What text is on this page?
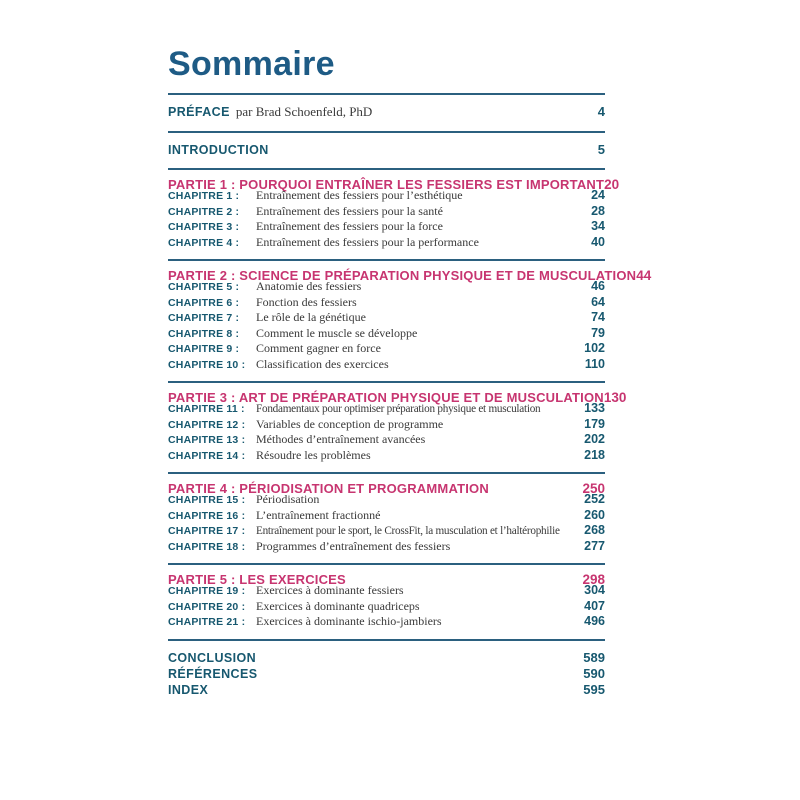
Sommaire
PRÉFACE par Brad Schoenfeld, PhD	4
INTRODUCTION	5
PARTIE 1 : POURQUOI ENTRAÎNER LES FESSIERS EST IMPORTANT 20
CHAPITRE 1 :	Entraînement des fessiers pour l’esthétique	24
CHAPITRE 2 :	Entraînement des fessiers pour la santé	28
CHAPITRE 3 :	Entraînement des fessiers pour la force	34
CHAPITRE 4 :	Entraînement des fessiers pour la performance	40
PARTIE 2 : SCIENCE DE PRÉPARATION PHYSIQUE ET DE MUSCULATION 44
CHAPITRE 5 :	Anatomie des fessiers	46
CHAPITRE 6 :	Fonction des fessiers	64
CHAPITRE 7 :	Le rôle de la génétique	74
CHAPITRE 8 :	Comment le muscle se développe	79
CHAPITRE 9 :	Comment gagner en force	102
CHAPITRE 10 : Classification des exercices	110
PARTIE 3 : ART DE PRÉPARATION PHYSIQUE ET DE MUSCULATION 130
CHAPITRE 11 :	Fondamentaux pour optimiser préparation physique et musculation	133
CHAPITRE 12 : Variables de conception de programme	179
CHAPITRE 13 : Méthodes d’entraînement avancées	202
CHAPITRE 14 : Résoudre les problèmes	218
PARTIE 4 : PÉRIODISATION ET PROGRAMMATION	250
CHAPITRE 15 : Périodisation	252
CHAPITRE 16 : L’entraînement fractionné	260
CHAPITRE 17 : Entraînement pour le sport, le CrossFit, la musculation et l’haltérophilie	268
CHAPITRE 18 : Programmes d’entraînement des fessiers	277
PARTIE 5 : LES EXERCICES	298
CHAPITRE 19 : Exercices à dominante fessiers	304
CHAPITRE 20 : Exercices à dominante quadriceps	407
CHAPITRE 21 : Exercices à dominante ischio-jambiers	496
CONCLUSION	589
RÉFÉRENCES	590
INDEX	595
